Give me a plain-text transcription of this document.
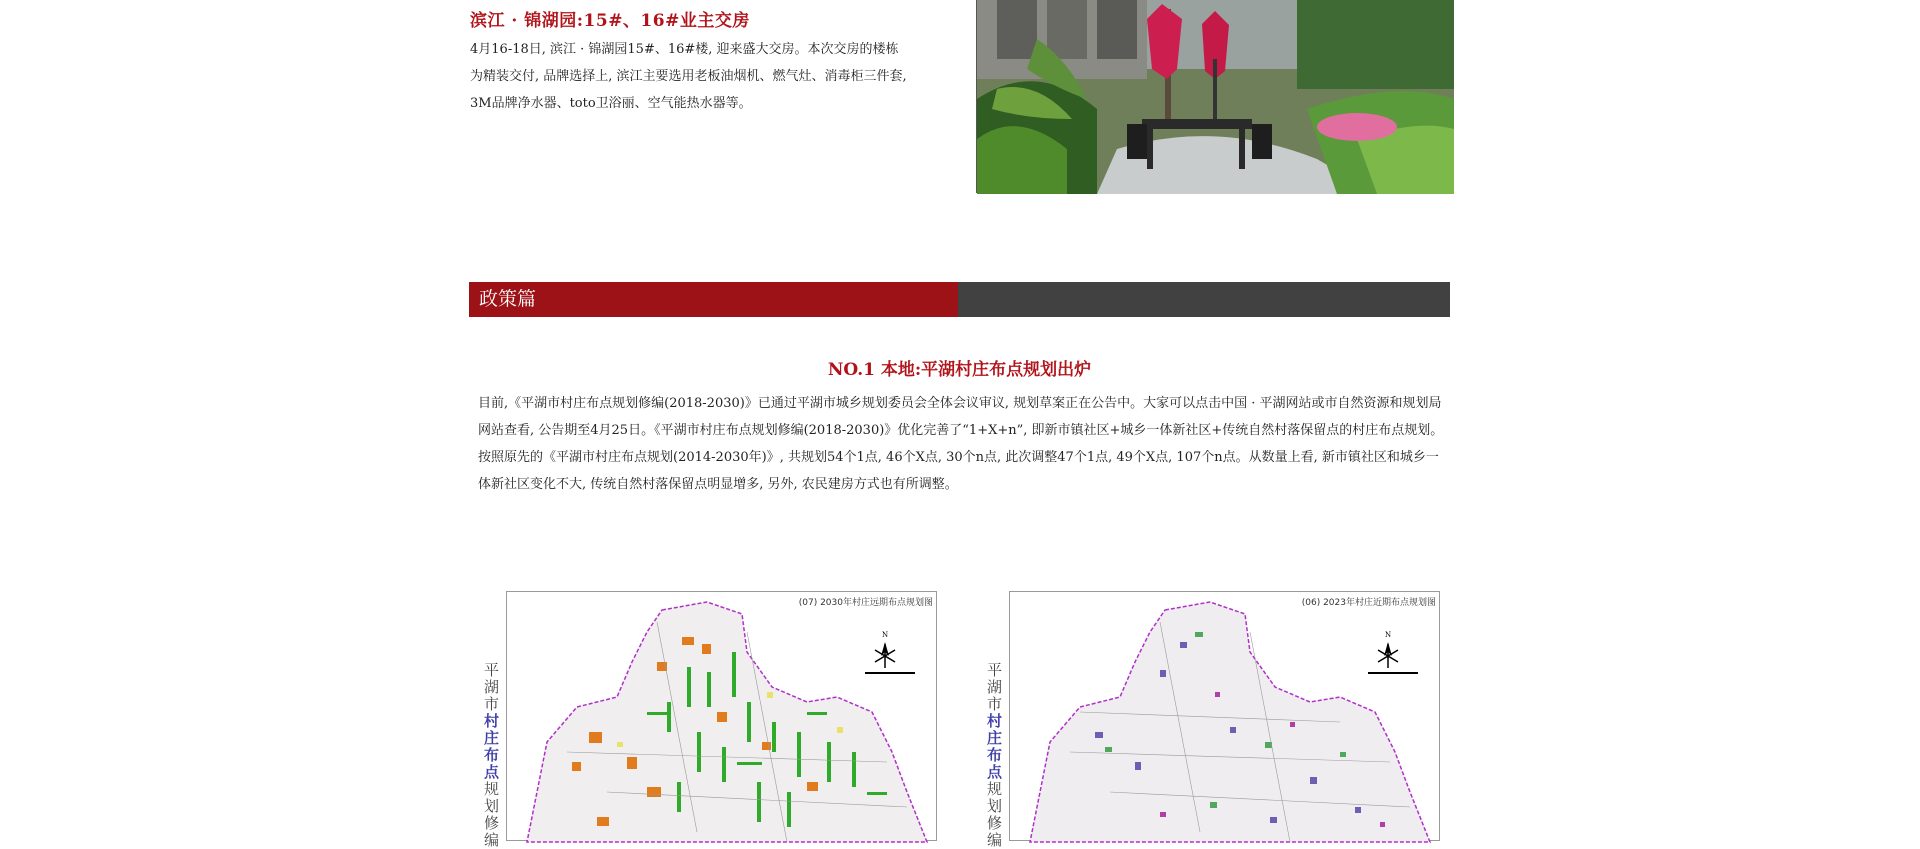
滨江 · 锦湖园:15#、16#业主交房
4月16-18日, 滨江 · 锦湖园15#、16#楼, 迎来盛大交房。本次交房的楼栋为精装交付, 品牌选择上, 滨江主要选用老板油烟机、燃气灶、消毒柜三件套, 3M品牌净水器、toto卫浴丽、空气能热水器等。
政策篇
NO.1 本地:平湖村庄布点规划出炉

目前,《平湖市村庄布点规划修编(2018-2030)》已通过平湖市城乡规划委员会全体会议审议, 规划草案正在公告中。大家可以点击中国 · 平湖网站或市自然资源和规划局网站查看, 公告期至4月25日。《平湖市村庄布点规划修编(2018-2030)》优化完善了“1+X+n”, 即新市镇社区+城乡一体新社区+传统自然村落保留点的村庄布点规划。

按照原先的《平湖市村庄布点规划(2014-2030年)》, 共规划54个1点, 46个X点, 30个n点, 此次调整47个1点, 49个X点, 107个n点。从数量上看, 新市镇社区和城乡一体新社区变化不大, 传统自然村落保留点明显增多, 另外, 农民建房方式也有所调整。

平湖市村庄布点规划修编
(07) 2030年村庄远期布点规划图
N
平湖市村庄布点规划修编
(06) 2023年村庄近期布点规划图
N
